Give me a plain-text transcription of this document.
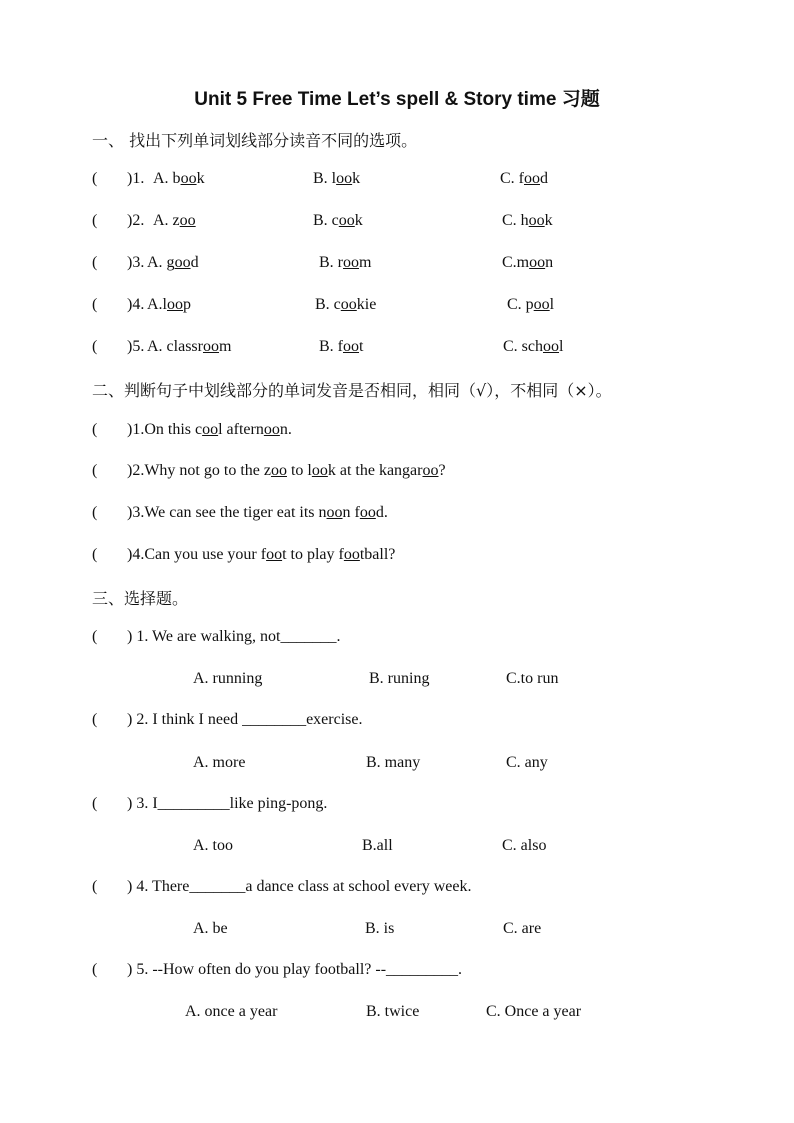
Unit 5 Free Time Let’s spell & Story time 习题
一、 找出下列单词划线部分读音不同的选项。
( )1. A. book	B. look	C. food
( )2. A. zoo	B. cook	C. hook
( )3. A. good	B. room	C.moon
( )4. A.loop	B. cookie	C. pool
( )5. A. classroom	B. foot	C. school
二、判断句子中划线部分的单词发音是否相同，相同（√），不相同（×）。
( )1.On this cool afternoon.
( )2.Why not go to the zoo to look at the kangaroo?
( )3.We can see the tiger eat its noon food.
( )4.Can you use your foot to play football?
三、选择题。
( ) 1. We are walking, not_______.
A. running	B. runing	C.to run
( ) 2. I think I need ________exercise.
A. more	B. many	C. any
( ) 3. I_________like ping-pong.
A. too	B.all	C. also
( ) 4. There_______a dance class at school every week.
A. be	B. is	C. are
( ) 5. --How often do you play football? --_________.
A. once a year	B. twice	C. Once a year
